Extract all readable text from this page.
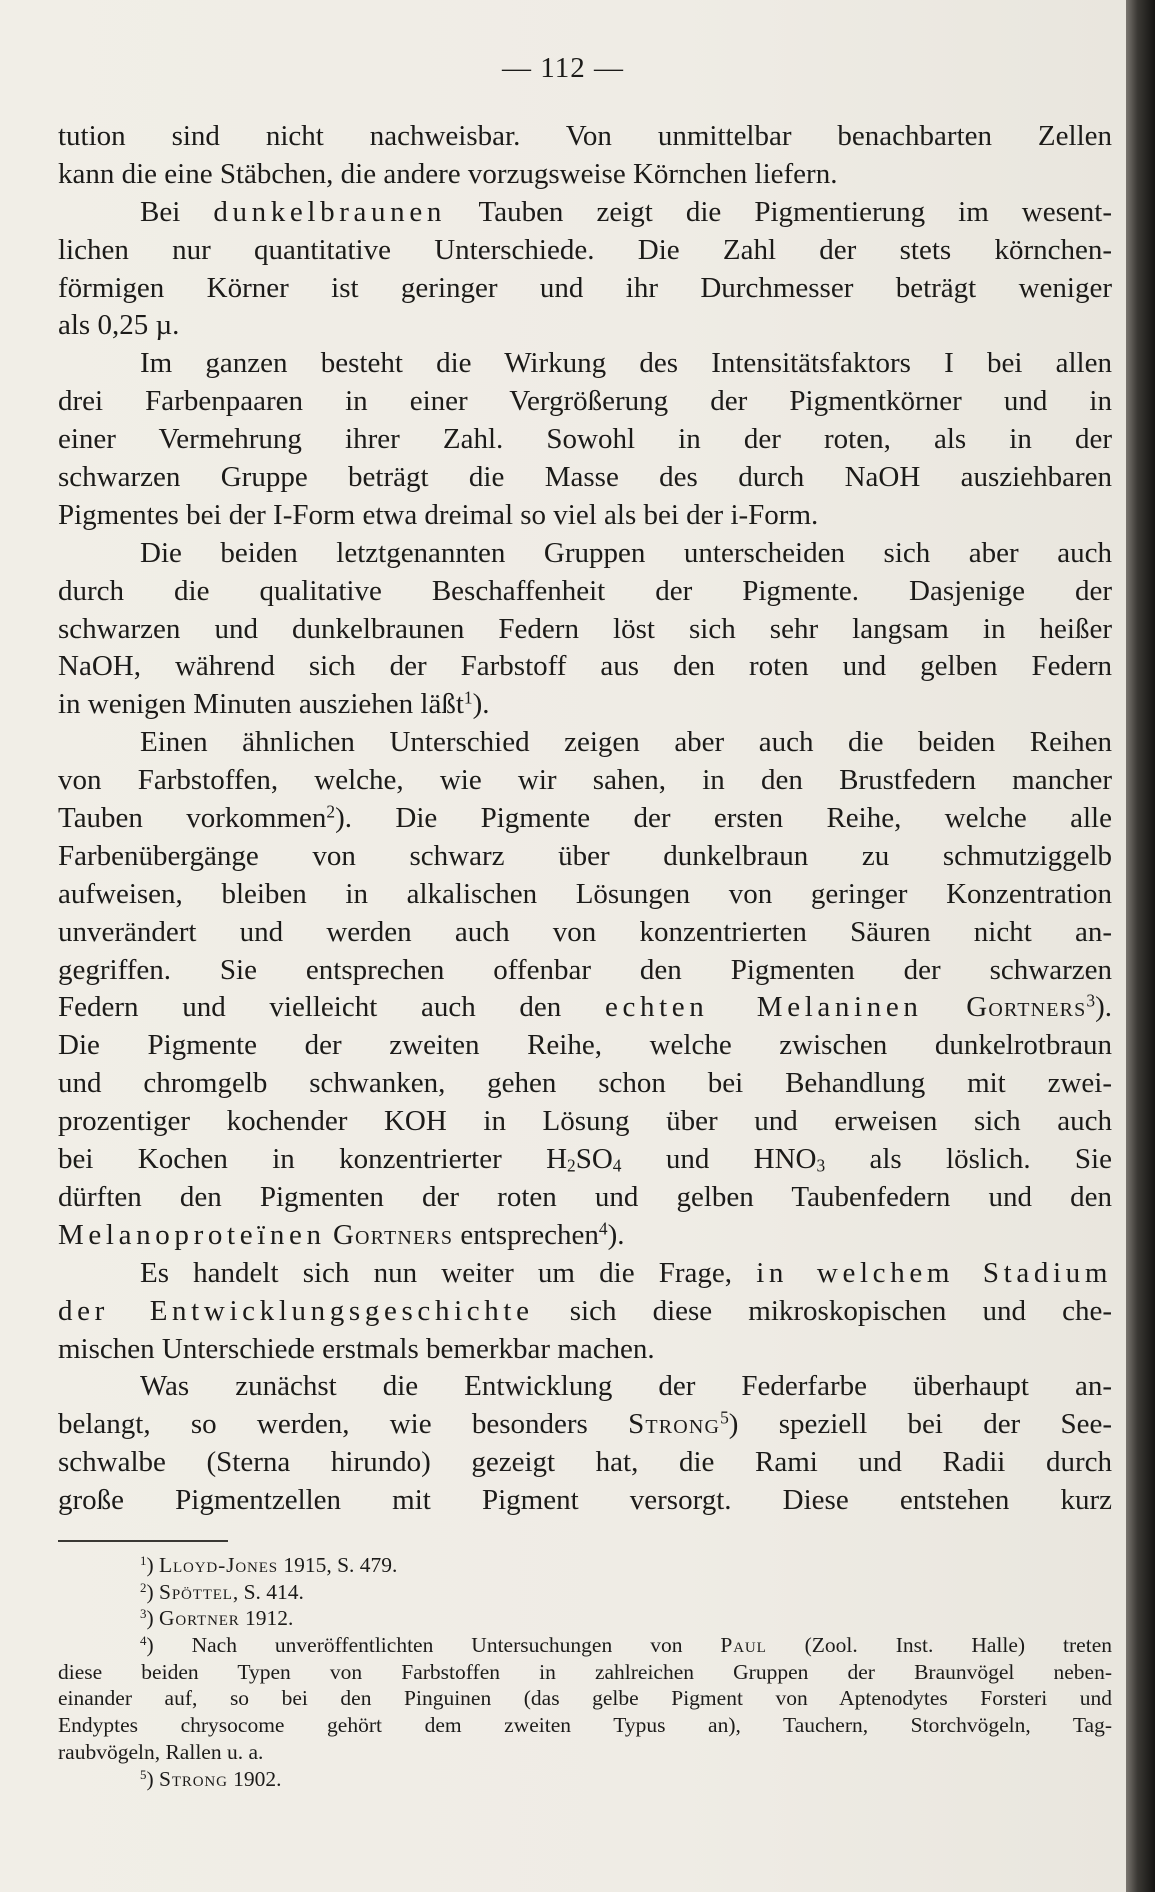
— 112 —
tution sind nicht nachweisbar. Von unmittelbar benachbarten Zellen
kann die eine Stäbchen, die andere vorzugsweise Körnchen liefern.
Bei dunkelbraunen Tauben zeigt die Pigmentierung im wesent-
lichen nur quantitative Unterschiede. Die Zahl der stets körnchen-
förmigen Körner ist geringer und ihr Durchmesser beträgt weniger
als 0,25 µ.
Im ganzen besteht die Wirkung des Intensitätsfaktors I bei allen
drei Farbenpaaren in einer Vergrößerung der Pigmentkörner und in
einer Vermehrung ihrer Zahl. Sowohl in der roten, als in der
schwarzen Gruppe beträgt die Masse des durch NaOH ausziehbaren
Pigmentes bei der I-Form etwa dreimal so viel als bei der i-Form.
Die beiden letztgenannten Gruppen unterscheiden sich aber auch
durch die qualitative Beschaffenheit der Pigmente. Dasjenige der
schwarzen und dunkelbraunen Federn löst sich sehr langsam in heißer
NaOH, während sich der Farbstoff aus den roten und gelben Federn
in wenigen Minuten ausziehen läßt$^1$).
Einen ähnlichen Unterschied zeigen aber auch die beiden Reihen
von Farbstoffen, welche, wie wir sahen, in den Brustfedern mancher
Tauben vorkommen$^2$). Die Pigmente der ersten Reihe, welche alle
Farbenübergänge von schwarz über dunkelbraun zu schmutziggelb
aufweisen, bleiben in alkalischen Lösungen von geringer Konzentration
unverändert und werden auch von konzentrierten Säuren nicht an-
gegriffen. Sie entsprechen offenbar den Pigmenten der schwarzen
Federn und vielleicht auch den echten Melaninen Gortners$^3$).
Die Pigmente der zweiten Reihe, welche zwischen dunkelrotbraun
und chromgelb schwanken, gehen schon bei Behandlung mit zwei-
prozentiger kochender KOH in Lösung über und erweisen sich auch
bei Kochen in konzentrierter $H_2SO_4$ und $HNO_3$ als löslich. Sie
dürften den Pigmenten der roten und gelben Taubenfedern und den
Melanoproteïnen Gortners entsprechen$^4$).
Es handelt sich nun weiter um die Frage, in welchem Stadium
der Entwicklungsgeschichte sich diese mikroskopischen und che-
mischen Unterschiede erstmals bemerkbar machen.
Was zunächst die Entwicklung der Federfarbe überhaupt an-
belangt, so werden, wie besonders Strong$^5$) speziell bei der See-
schwalbe (Sterna hirundo) gezeigt hat, die Rami und Radii durch
große Pigmentzellen mit Pigment versorgt. Diese entstehen kurz
$^1$) Lloyd-Jones 1915, S. 479.
$^2$) Spöttel, S. 414.
$^3$) Gortner 1912.
$^4$) Nach unveröffentlichten Untersuchungen von Paul (Zool. Inst. Halle) treten
diese beiden Typen von Farbstoffen in zahlreichen Gruppen der Braunvögel neben-
einander auf, so bei den Pinguinen (das gelbe Pigment von Aptenodytes Forsteri und
Endyptes chrysocome gehört dem zweiten Typus an), Tauchern, Storchvögeln, Tag-
raubvögeln, Rallen u. a.
$^5$) Strong 1902.
